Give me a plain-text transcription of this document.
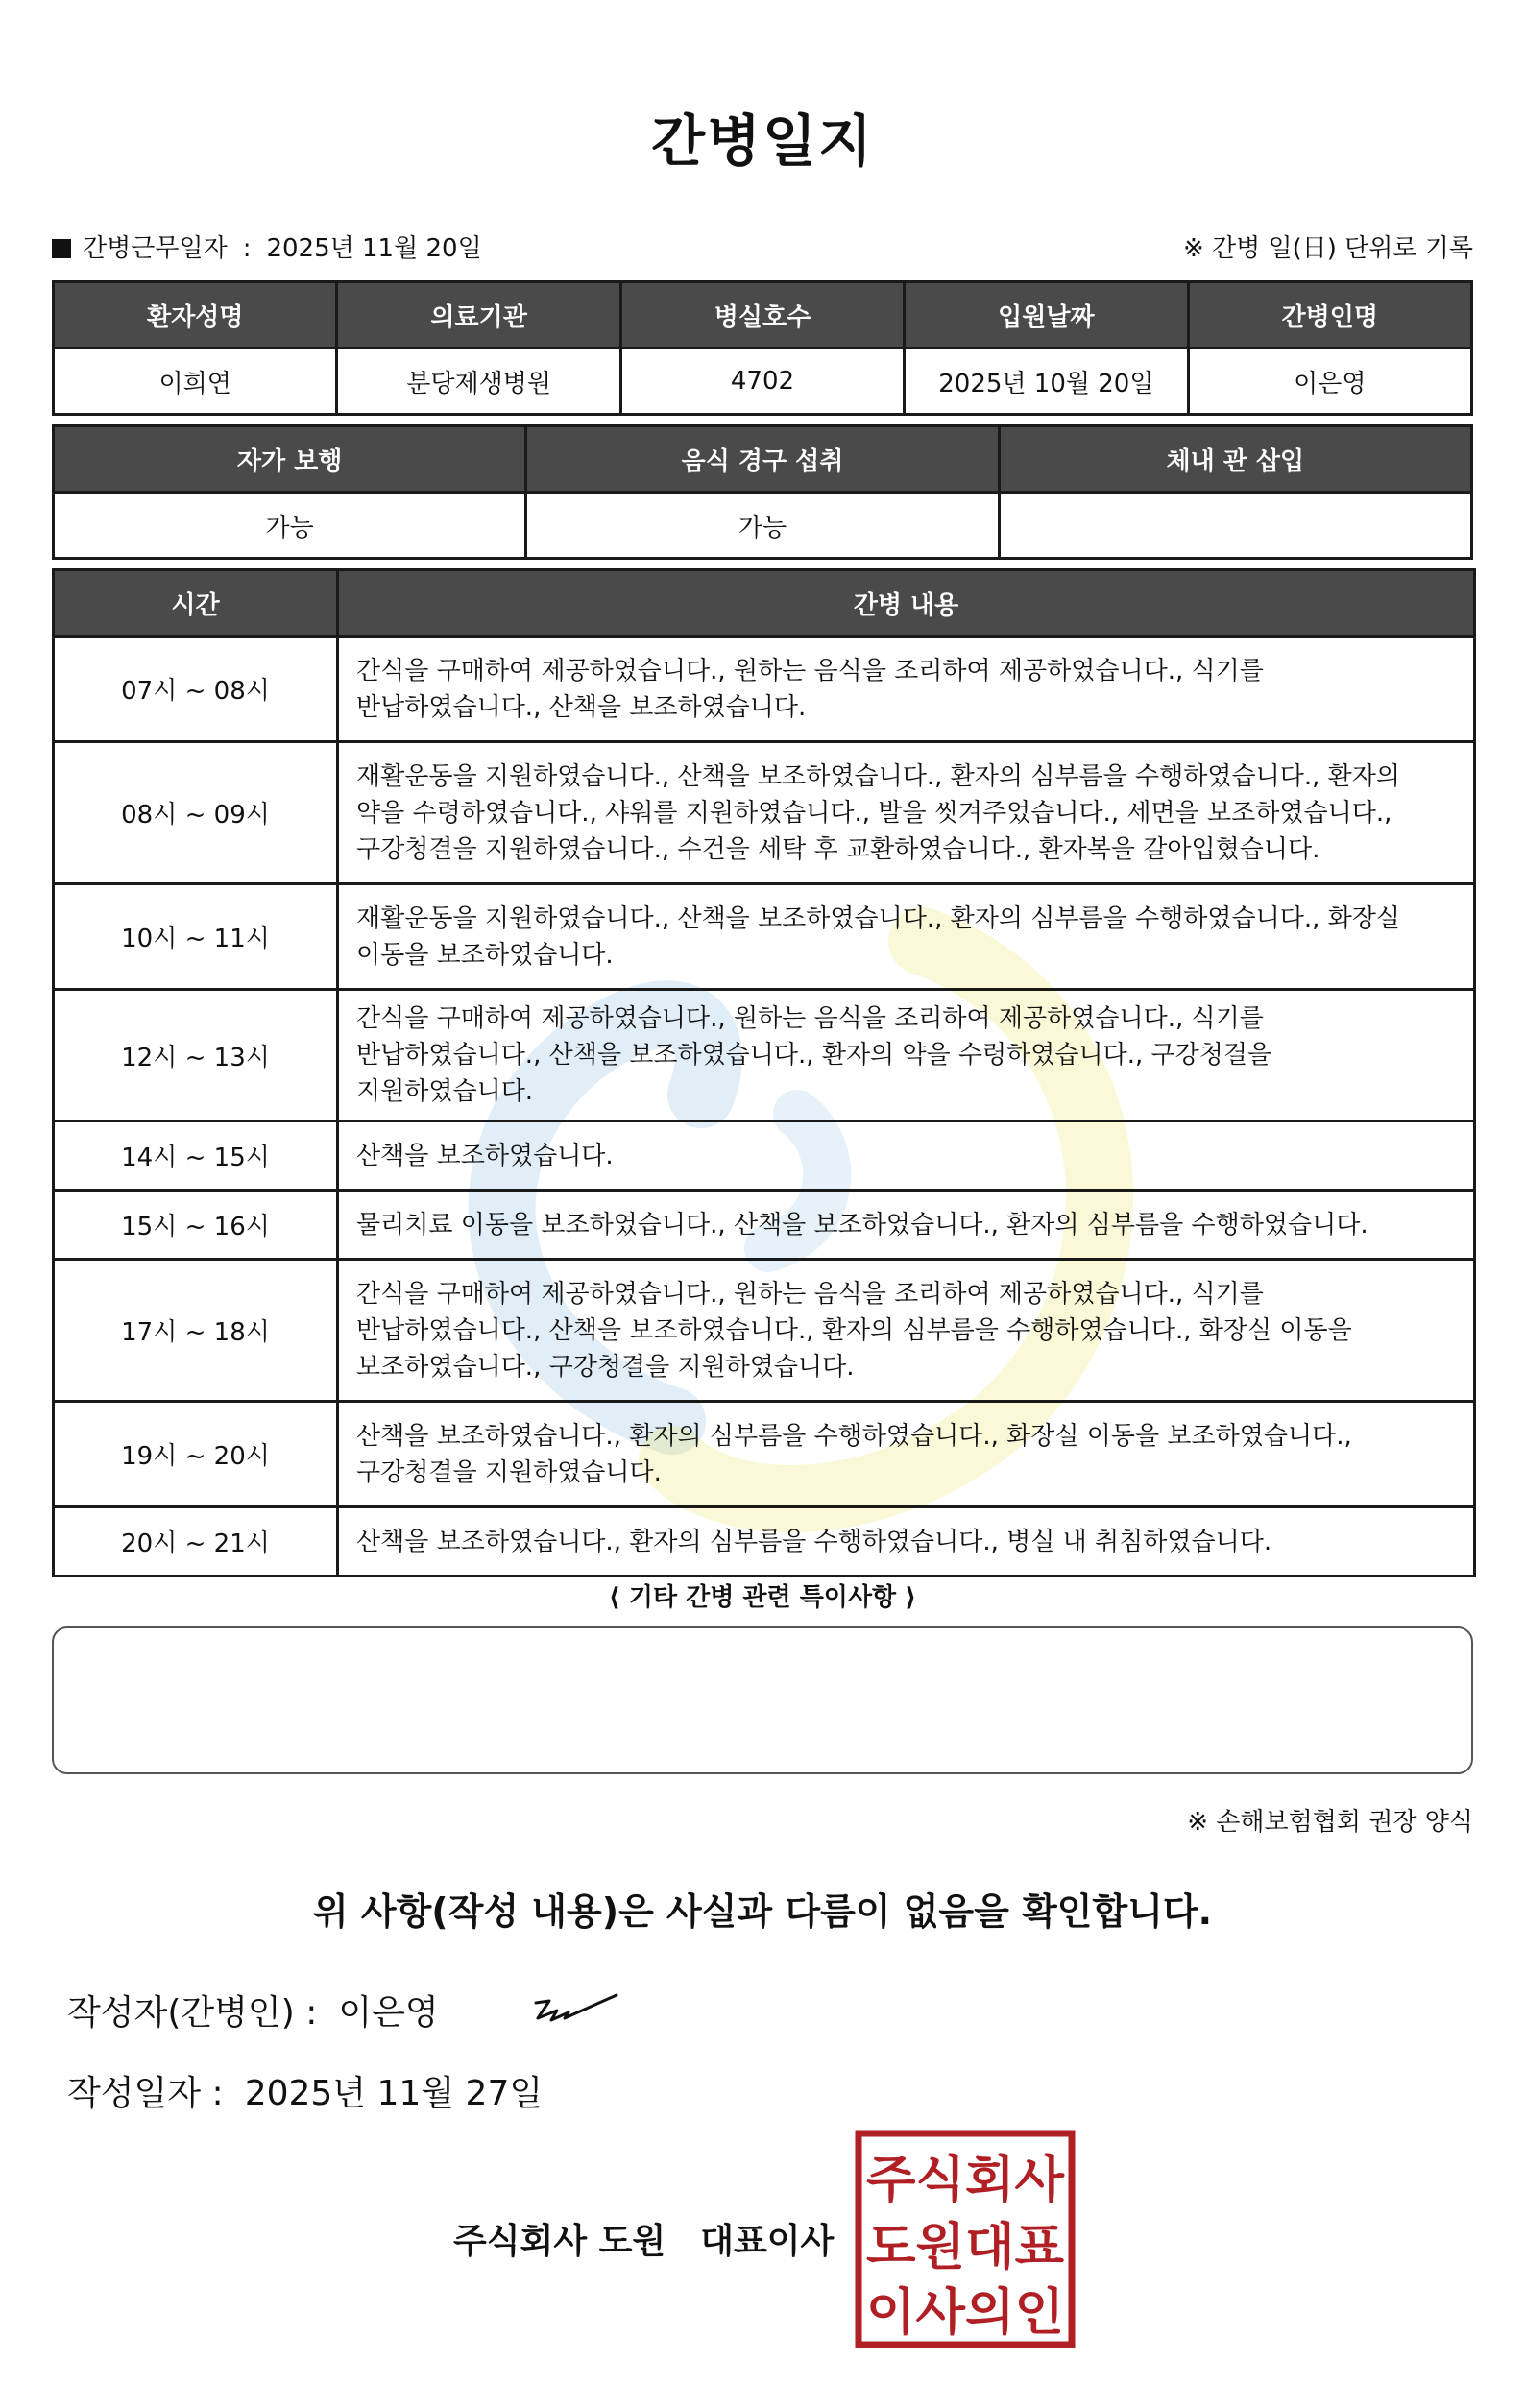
간병일지
간병근무일자 : 2025년 11월 20일	※ 간병 일(日) 단위로 기록
환자성명	의료기관	병실호수	입원날짜	간병인명
이희연	분당제생병원	4702	2025년 10월 20일	이은영
자가 보행	음식 경구 섭취	체내 관 삽입
가능	가능	
시간	간병 내용
07시 ~ 08시	간식을 구매하여 제공하였습니다., 원하는 음식을 조리하여 제공하였습니다., 식기를 반납하였습니다., 산책을 보조하였습니다.
08시 ~ 09시	재활운동을 지원하였습니다., 산책을 보조하였습니다., 환자의 심부름을 수행하였습니다., 환자의 약을 수령하였습니다., 샤워를 지원하였습니다., 발을 씻겨주었습니다., 세면을 보조하였습니다., 구강청결을 지원하였습니다., 수건을 세탁 후 교환하였습니다., 환자복을 갈아입혔습니다.
10시 ~ 11시	재활운동을 지원하였습니다., 산책을 보조하였습니다., 환자의 심부름을 수행하였습니다., 화장실 이동을 보조하였습니다.
12시 ~ 13시	간식을 구매하여 제공하였습니다., 원하는 음식을 조리하여 제공하였습니다., 식기를 반납하였습니다., 산책을 보조하였습니다., 환자의 약을 수령하였습니다., 구강청결을 지원하였습니다.
14시 ~ 15시	산책을 보조하였습니다.
15시 ~ 16시	물리치료 이동을 보조하였습니다., 산책을 보조하였습니다., 환자의 심부름을 수행하였습니다.
17시 ~ 18시	간식을 구매하여 제공하였습니다., 원하는 음식을 조리하여 제공하였습니다., 식기를 반납하였습니다., 산책을 보조하였습니다., 환자의 심부름을 수행하였습니다., 화장실 이동을 보조하였습니다., 구강청결을 지원하였습니다.
19시 ~ 20시	산책을 보조하였습니다., 환자의 심부름을 수행하였습니다., 화장실 이동을 보조하였습니다., 구강청결을 지원하였습니다.
20시 ~ 21시	산책을 보조하였습니다., 환자의 심부름을 수행하였습니다., 병실 내 취침하였습니다.
⟨ 기타 간병 관련 특이사항 ⟩
※ 손해보험협회 권장 양식
위 사항(작성 내용)은 사실과 다름이 없음을 확인합니다.
작성자(간병인) : 이은영
작성일자 : 2025년 11월 27일
주식회사 도원 대표이사
주식회사
도원대표
이사의인
